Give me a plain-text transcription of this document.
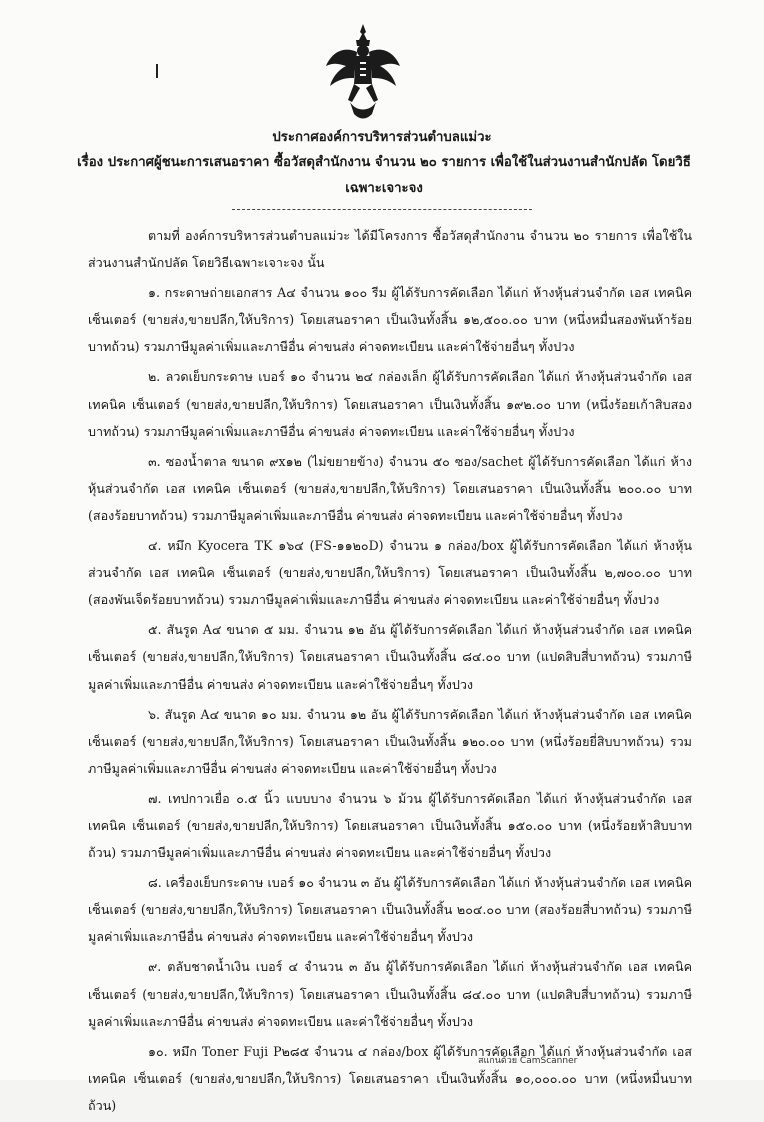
ประกาศองค์การบริหารส่วนตำบลแม่วะ
เรื่อง ประกาศผู้ชนะการเสนอราคา ซื้อวัสดุสำนักงาน จำนวน ๒๐ รายการ เพื่อใช้ในส่วนงานสำนักปลัด โดยวิธีเฉพาะเจาะจง

ตามที่ องค์การบริหารส่วนตำบลแม่วะ ได้มีโครงการ ซื้อวัสดุสำนักงาน จำนวน ๒๐ รายการ เพื่อใช้ในส่วนงานสำนักปลัด โดยวิธีเฉพาะเจาะจง นั้น

๑. กระดาษถ่ายเอกสาร A๔ จำนวน ๑๐๐ รีม ผู้ได้รับการคัดเลือก ได้แก่ ห้างหุ้นส่วนจำกัด เอส เทคนิค เซ็นเตอร์ (ขายส่ง,ขายปลีก,ให้บริการ) โดยเสนอราคา เป็นเงินทั้งสิ้น ๑๒,๕๐๐.๐๐ บาท (หนึ่งหมื่นสองพันห้าร้อยบาทถ้วน) รวมภาษีมูลค่าเพิ่มและภาษีอื่น ค่าขนส่ง ค่าจดทะเบียน และค่าใช้จ่ายอื่นๆ ทั้งปวง

๒. ลวดเย็บกระดาษ เบอร์ ๑๐ จำนวน ๒๔ กล่องเล็ก ผู้ได้รับการคัดเลือก ได้แก่ ห้างหุ้นส่วนจำกัด เอส เทคนิค เซ็นเตอร์ (ขายส่ง,ขายปลีก,ให้บริการ) โดยเสนอราคา เป็นเงินทั้งสิ้น ๑๙๒.๐๐ บาท (หนึ่งร้อยเก้าสิบสองบาทถ้วน) รวมภาษีมูลค่าเพิ่มและภาษีอื่น ค่าขนส่ง ค่าจดทะเบียน และค่าใช้จ่ายอื่นๆ ทั้งปวง

๓. ซองน้ำตาล ขนาด ๙x๑๒ (ไม่ขยายข้าง) จำนวน ๕๐ ซอง/sachet ผู้ได้รับการคัดเลือก ได้แก่ ห้างหุ้นส่วนจำกัด เอส เทคนิค เซ็นเตอร์ (ขายส่ง,ขายปลีก,ให้บริการ) โดยเสนอราคา เป็นเงินทั้งสิ้น ๒๐๐.๐๐ บาท (สองร้อยบาทถ้วน) รวมภาษีมูลค่าเพิ่มและภาษีอื่น ค่าขนส่ง ค่าจดทะเบียน และค่าใช้จ่ายอื่นๆ ทั้งปวง

๔. หมึก Kyocera TK ๑๖๔ (FS-๑๑๒๐D) จำนวน ๑ กล่อง/box ผู้ได้รับการคัดเลือก ได้แก่ ห้างหุ้นส่วนจำกัด เอส เทคนิค เซ็นเตอร์ (ขายส่ง,ขายปลีก,ให้บริการ) โดยเสนอราคา เป็นเงินทั้งสิ้น ๒,๗๐๐.๐๐ บาท (สองพันเจ็ดร้อยบาทถ้วน) รวมภาษีมูลค่าเพิ่มและภาษีอื่น ค่าขนส่ง ค่าจดทะเบียน และค่าใช้จ่ายอื่นๆ ทั้งปวง

๕. สันรูด A๔ ขนาด ๕ มม. จำนวน ๑๒ อัน ผู้ได้รับการคัดเลือก ได้แก่ ห้างหุ้นส่วนจำกัด เอส เทคนิค เซ็นเตอร์ (ขายส่ง,ขายปลีก,ให้บริการ) โดยเสนอราคา เป็นเงินทั้งสิ้น ๘๔.๐๐ บาท (แปดสิบสี่บาทถ้วน) รวมภาษีมูลค่าเพิ่มและภาษีอื่น ค่าขนส่ง ค่าจดทะเบียน และค่าใช้จ่ายอื่นๆ ทั้งปวง

๖. สันรูด A๔ ขนาด ๑๐ มม. จำนวน ๑๒ อัน ผู้ได้รับการคัดเลือก ได้แก่ ห้างหุ้นส่วนจำกัด เอส เทคนิค เซ็นเตอร์ (ขายส่ง,ขายปลีก,ให้บริการ) โดยเสนอราคา เป็นเงินทั้งสิ้น ๑๒๐.๐๐ บาท (หนึ่งร้อยยี่สิบบาทถ้วน) รวมภาษีมูลค่าเพิ่มและภาษีอื่น ค่าขนส่ง ค่าจดทะเบียน และค่าใช้จ่ายอื่นๆ ทั้งปวง

๗. เทปกาวเยื่อ ๐.๕ นิ้ว แบบบาง จำนวน ๖ ม้วน ผู้ได้รับการคัดเลือก ได้แก่ ห้างหุ้นส่วนจำกัด เอส เทคนิค เซ็นเตอร์ (ขายส่ง,ขายปลีก,ให้บริการ) โดยเสนอราคา เป็นเงินทั้งสิ้น ๑๕๐.๐๐ บาท (หนึ่งร้อยห้าสิบบาทถ้วน) รวมภาษีมูลค่าเพิ่มและภาษีอื่น ค่าขนส่ง ค่าจดทะเบียน และค่าใช้จ่ายอื่นๆ ทั้งปวง

๘. เครื่องเย็บกระดาษ เบอร์ ๑๐ จำนวน ๓ อัน ผู้ได้รับการคัดเลือก ได้แก่ ห้างหุ้นส่วนจำกัด เอส เทคนิค เซ็นเตอร์ (ขายส่ง,ขายปลีก,ให้บริการ) โดยเสนอราคา เป็นเงินทั้งสิ้น ๒๐๔.๐๐ บาท (สองร้อยสี่บาทถ้วน) รวมภาษีมูลค่าเพิ่มและภาษีอื่น ค่าขนส่ง ค่าจดทะเบียน และค่าใช้จ่ายอื่นๆ ทั้งปวง

๙. ตลับชาดน้ำเงิน เบอร์ ๔ จำนวน ๓ อัน ผู้ได้รับการคัดเลือก ได้แก่ ห้างหุ้นส่วนจำกัด เอส เทคนิค เซ็นเตอร์ (ขายส่ง,ขายปลีก,ให้บริการ) โดยเสนอราคา เป็นเงินทั้งสิ้น ๘๔.๐๐ บาท (แปดสิบสี่บาทถ้วน) รวมภาษีมูลค่าเพิ่มและภาษีอื่น ค่าขนส่ง ค่าจดทะเบียน และค่าใช้จ่ายอื่นๆ ทั้งปวง

๑๐. หมึก Toner Fuji P๒๘๕ จำนวน ๔ กล่อง/box ผู้ได้รับการคัดเลือก ได้แก่ ห้างหุ้นส่วนจำกัด เอส เทคนิค เซ็นเตอร์ (ขายส่ง,ขายปลีก,ให้บริการ) โดยเสนอราคา เป็นเงินทั้งสิ้น ๑๐,๐๐๐.๐๐ บาท (หนึ่งหมื่นบาทถ้วน)

สแกนด้วย CamScanner
